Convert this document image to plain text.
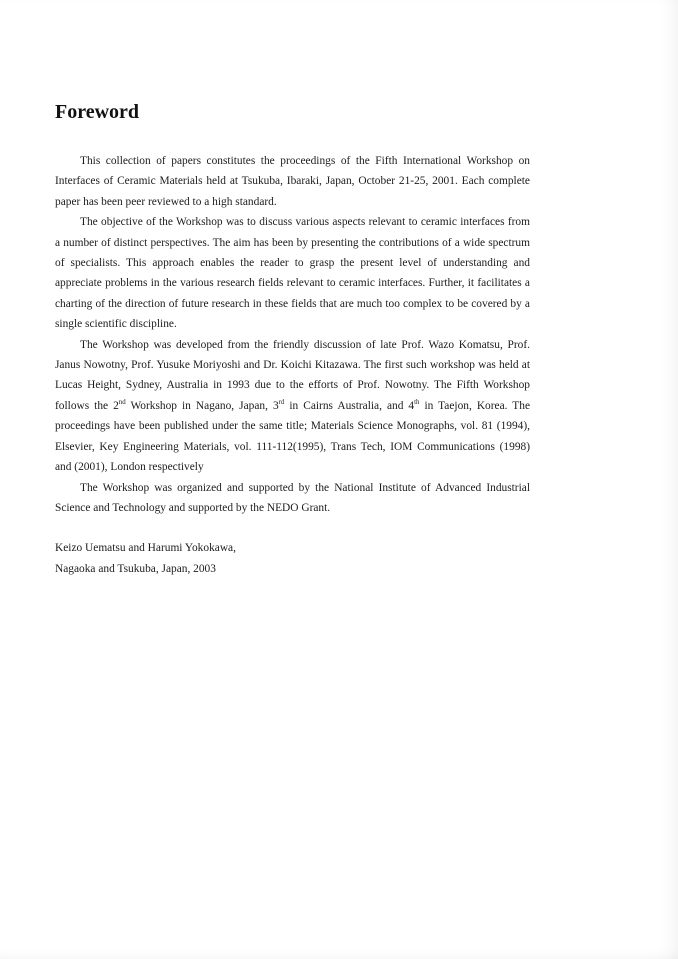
Foreword

This collection of papers constitutes the proceedings of the Fifth International Workshop on Interfaces of Ceramic Materials held at Tsukuba, Ibaraki, Japan, October 21-25, 2001. Each complete paper has been peer reviewed to a high standard.

The objective of the Workshop was to discuss various aspects relevant to ceramic interfaces from a number of distinct perspectives. The aim has been by presenting the contributions of a wide spectrum of specialists. This approach enables the reader to grasp the present level of understanding and appreciate problems in the various research fields relevant to ceramic interfaces. Further, it facilitates a charting of the direction of future research in these fields that are much too complex to be covered by a single scientific discipline.

The Workshop was developed from the friendly discussion of late Prof. Wazo Komatsu, Prof. Janus Nowotny, Prof. Yusuke Moriyoshi and Dr. Koichi Kitazawa. The first such workshop was held at Lucas Height, Sydney, Australia in 1993 due to the efforts of Prof. Nowotny. The Fifth Workshop follows the 2nd Workshop in Nagano, Japan, 3rd in Cairns Australia, and 4th in Taejon, Korea. The proceedings have been published under the same title; Materials Science Monographs, vol. 81 (1994), Elsevier, Key Engineering Materials, vol. 111-112(1995), Trans Tech, IOM Communications (1998) and (2001), London respectively

The Workshop was organized and supported by the National Institute of Advanced Industrial Science and Technology and supported by the NEDO Grant.

Keizo Uematsu and Harumi Yokokawa,
Nagaoka and Tsukuba, Japan, 2003
